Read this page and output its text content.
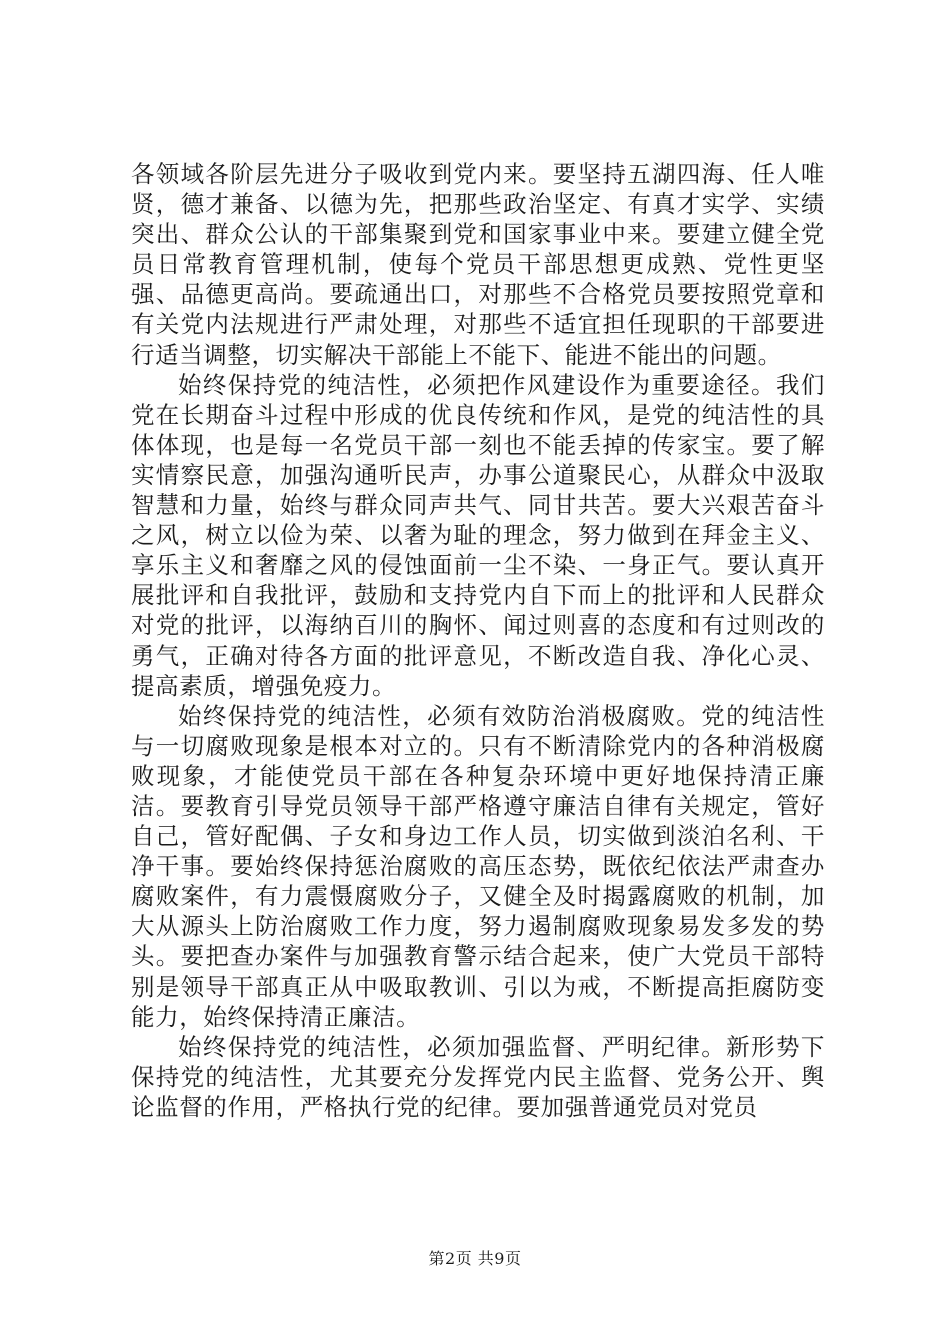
各领域各阶层先进分子吸收到党内来。要坚持五湖四海、任人唯贤，德才兼备、以德为先，把那些政治坚定、有真才实学、实绩突出、群众公认的干部集聚到党和国家事业中来。要建立健全党员日常教育管理机制，使每个党员干部思想更成熟、党性更坚强、品德更高尚。要疏通出口，对那些不合格党员要按照党章和有关党内法规进行严肃处理，对那些不适宜担任现职的干部要进行适当调整，切实解决干部能上不能下、能进不能出的问题。

始终保持党的纯洁性，必须把作风建设作为重要途径。我们党在长期奋斗过程中形成的优良传统和作风，是党的纯洁性的具体体现，也是每一名党员干部一刻也不能丢掉的传家宝。要了解实情察民意，加强沟通听民声，办事公道聚民心，从群众中汲取智慧和力量，始终与群众同声共气、同甘共苦。要大兴艰苦奋斗之风，树立以俭为荣、以奢为耻的理念，努力做到在拜金主义、享乐主义和奢靡之风的侵蚀面前一尘不染、一身正气。要认真开展批评和自我批评，鼓励和支持党内自下而上的批评和人民群众对党的批评，以海纳百川的胸怀、闻过则喜的态度和有过则改的勇气，正确对待各方面的批评意见，不断改造自我、净化心灵、提高素质，增强免疫力。

始终保持党的纯洁性，必须有效防治消极腐败。党的纯洁性与一切腐败现象是根本对立的。只有不断清除党内的各种消极腐败现象，才能使党员干部在各种复杂环境中更好地保持清正廉洁。要教育引导党员领导干部严格遵守廉洁自律有关规定，管好自己，管好配偶、子女和身边工作人员，切实做到淡泊名利、干净干事。要始终保持惩治腐败的高压态势，既依纪依法严肃查办腐败案件，有力震慑腐败分子，又健全及时揭露腐败的机制，加大从源头上防治腐败工作力度，努力遏制腐败现象易发多发的势头。要把查办案件与加强教育警示结合起来，使广大党员干部特别是领导干部真正从中吸取教训、引以为戒，不断提高拒腐防变能力，始终保持清正廉洁。

始终保持党的纯洁性，必须加强监督、严明纪律。新形势下保持党的纯洁性，尤其要充分发挥党内民主监督、党务公开、舆论监督的作用，严格执行党的纪律。要加强普通党员对党员

第2页 共9页
